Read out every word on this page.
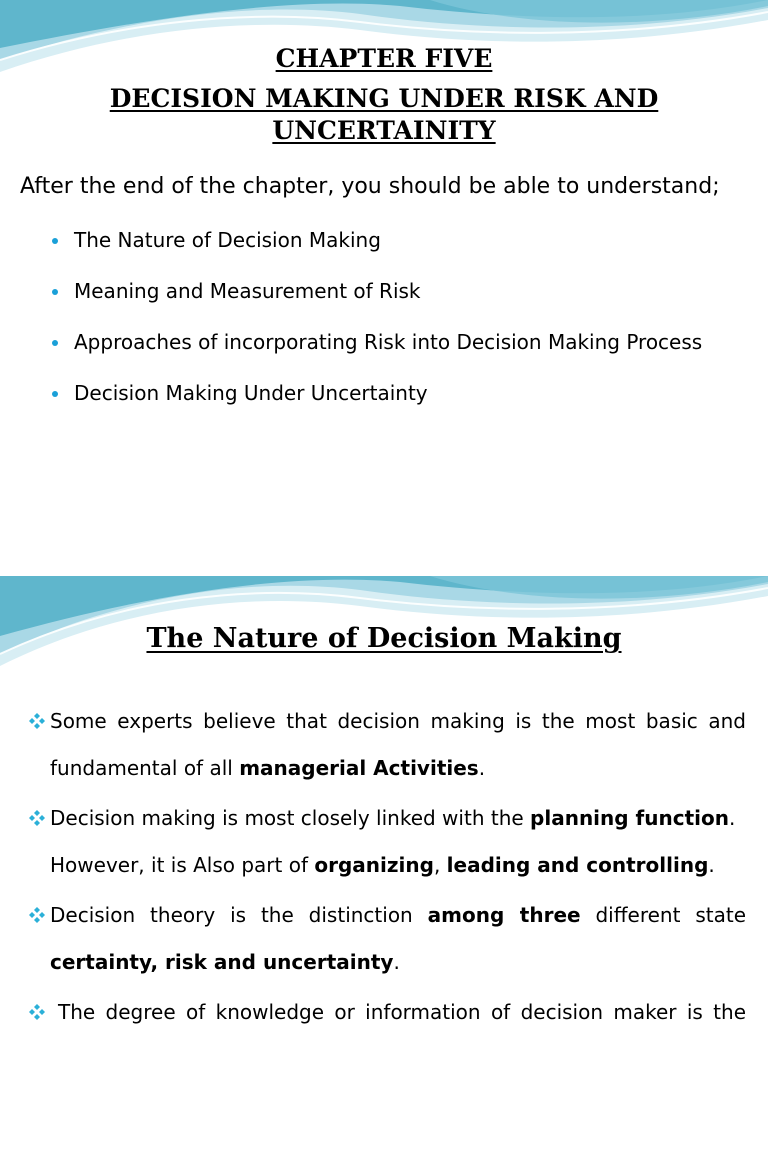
CHAPTER FIVE
DECISION MAKING UNDER RISK AND
UNCERTAINITY
After the end of the chapter, you should be able to understand;
The Nature of Decision Making
Meaning and Measurement of Risk
Approaches of incorporating Risk into Decision Making Process
Decision Making Under Uncertainty
The Nature of Decision Making
Some experts believe that decision making is the most basic and
fundamental of all managerial Activities.
Decision making is most closely linked with the planning function.
However, it is Also part of organizing, leading and controlling.
Decision theory is the distinction among three different state
certainty, risk and uncertainty.
The degree of knowledge or information of decision maker is the
